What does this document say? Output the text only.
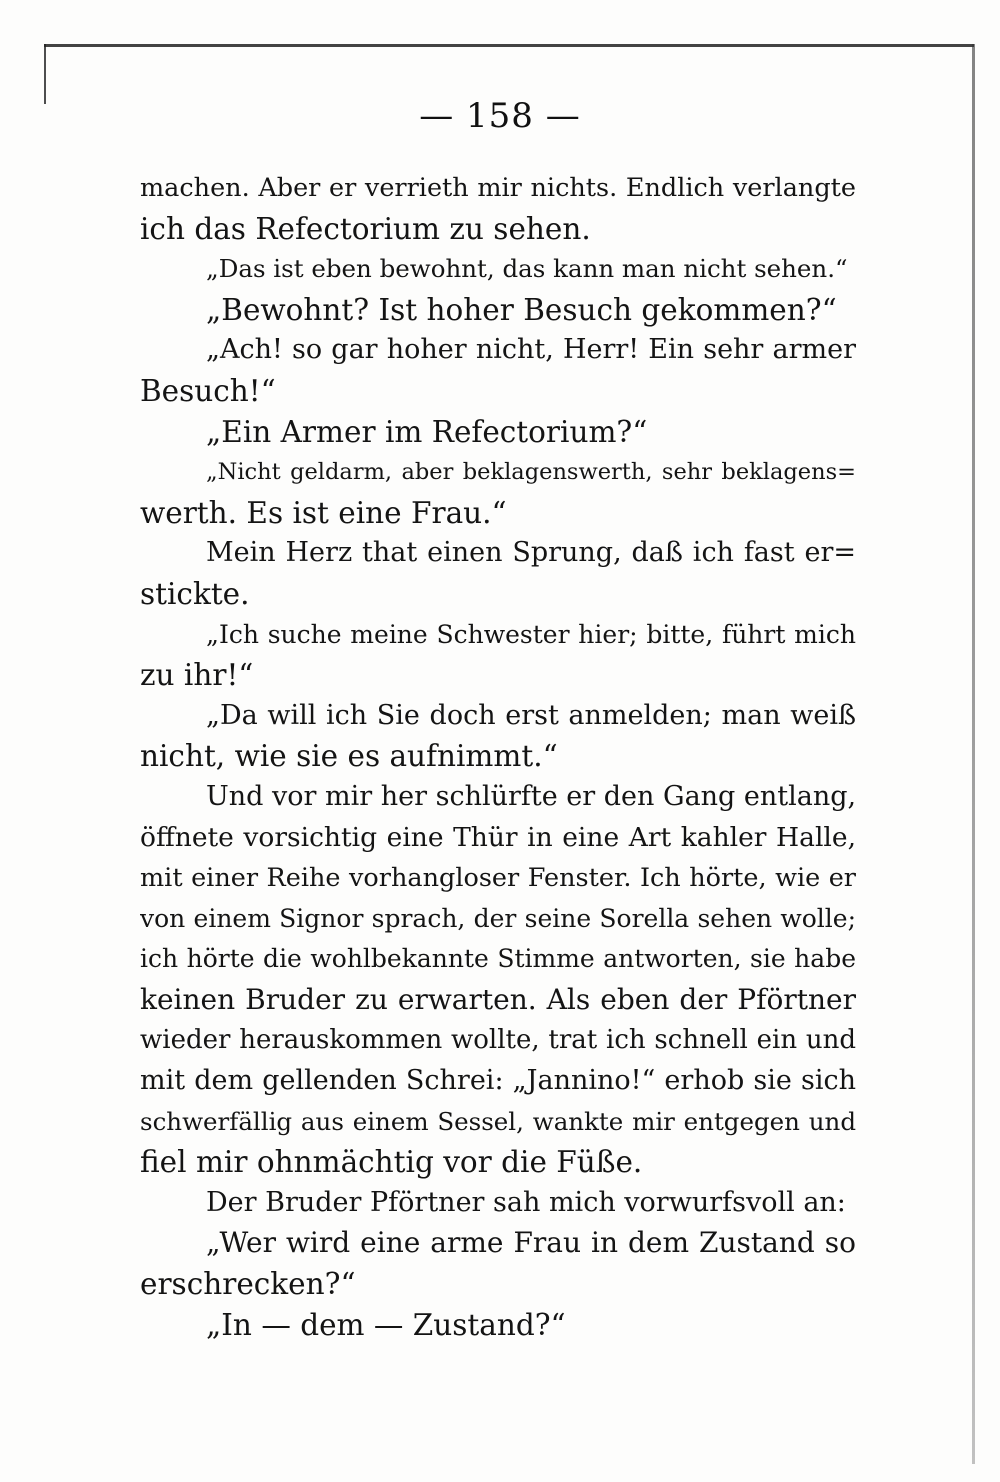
— 158 —
machen. Aber er verrieth mir nichts. Endlich verlangte
ich das Refectorium zu sehen.
„Das ist eben bewohnt, das kann man nicht sehen.“
„Bewohnt? Ist hoher Besuch gekommen?“
„Ach! so gar hoher nicht, Herr! Ein sehr armer
Besuch!“
„Ein Armer im Refectorium?“
„Nicht geldarm, aber beklagenswerth, sehr beklagens=
werth. Es ist eine Frau.“
Mein Herz that einen Sprung, daß ich fast er=
stickte.
„Ich suche meine Schwester hier; bitte, führt mich
zu ihr!“
„Da will ich Sie doch erst anmelden; man weiß
nicht, wie sie es aufnimmt.“
Und vor mir her schlürfte er den Gang entlang,
öffnete vorsichtig eine Thür in eine Art kahler Halle,
mit einer Reihe vorhangloser Fenster. Ich hörte, wie er
von einem Signor sprach, der seine Sorella sehen wolle;
ich hörte die wohlbekannte Stimme antworten, sie habe
keinen Bruder zu erwarten. Als eben der Pförtner
wieder herauskommen wollte, trat ich schnell ein und
mit dem gellenden Schrei: „Jannino!“ erhob sie sich
schwerfällig aus einem Sessel, wankte mir entgegen und
fiel mir ohnmächtig vor die Füße.
Der Bruder Pförtner sah mich vorwurfsvoll an:
„Wer wird eine arme Frau in dem Zustand so
erschrecken?“
„In — dem — Zustand?“
